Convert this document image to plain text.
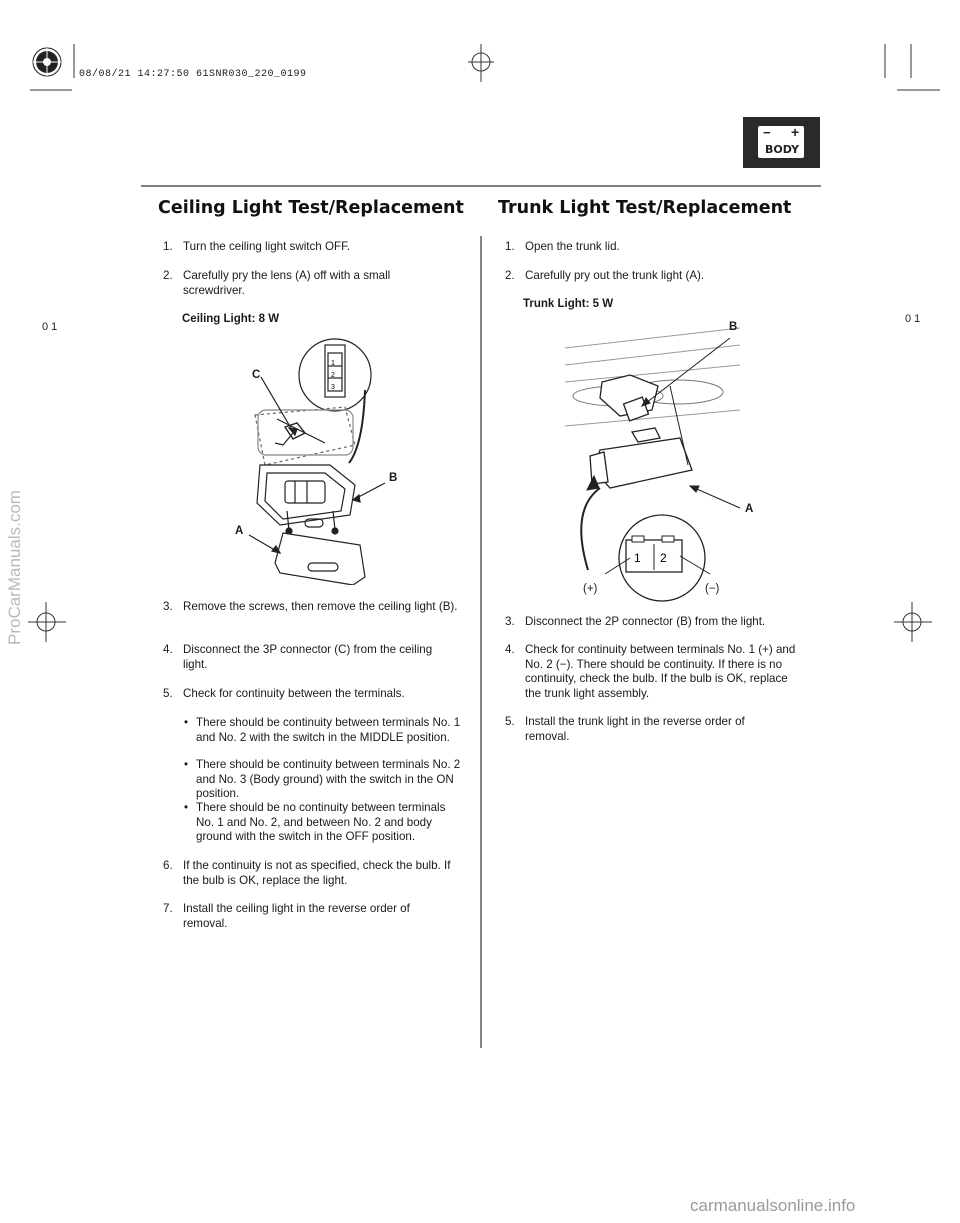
08/08/21 14:27:50 61SNR030_220_0199
− +
BODY
Ceiling Light Test/Replacement Trunk Light Test/Replacement
0 1
0 1
1. Turn the ceiling light switch OFF.
2. Carefully pry the lens (A) off with a small screwdriver.
Ceiling Light: 8 W
1
2
3
C
B
A
3. Remove the screws, then remove the ceiling light (B).
4. Disconnect the 3P connector (C) from the ceiling light.
5. Check for continuity between the terminals.
• There should be continuity between terminals No. 1 and No. 2 with the switch in the MIDDLE position.
• There should be continuity between terminals No. 2 and No. 3 (Body ground) with the switch in the ON position.
• There should be no continuity between terminals No. 1 and No. 2, and between No. 2 and body ground with the switch in the OFF position.
6. If the continuity is not as specified, check the bulb. If the bulb is OK, replace the light.
7. Install the ceiling light in the reverse order of removal.
1. Open the trunk lid.
2. Carefully pry out the trunk light (A).
Trunk Light: 5 W
1 2
B
A
(+)	(−)
3. Disconnect the 2P connector (B) from the light.
4. Check for continuity between terminals No. 1 (+) and No. 2 (−). There should be continuity. If there is no continuity, check the bulb. If the bulb is OK, replace the trunk light assembly.
5. Install the trunk light in the reverse order of removal.
ProCarManuals.com
carmanualsonline.info
